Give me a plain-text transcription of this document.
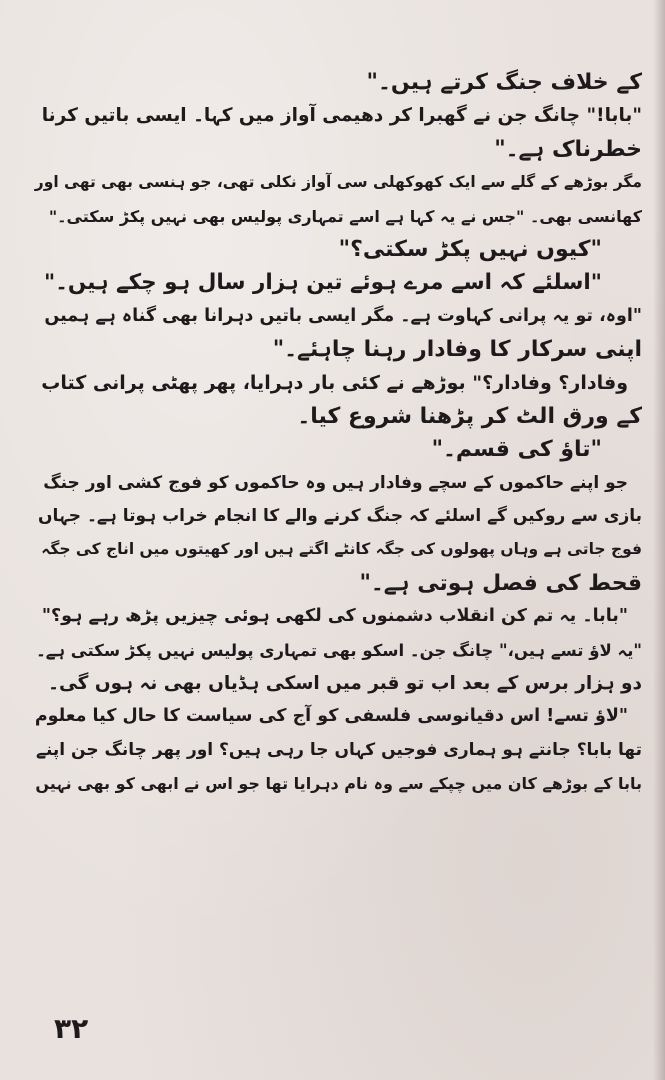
کے خلاف جنگ کرتے ہیں۔"
"بابا!" چانگ جن نے گھبرا کر دھیمی آواز میں کہا۔ ایسی باتیں کرنا
خطرناک ہے۔"
مگر بوڑھے کے گلے سے ایک کھوکھلی سی آواز نکلی تھی، جو ہنسی بھی تھی اور
کھانسی بھی۔ "جس نے یہ کہا ہے اسے تمہاری پولیس بھی نہیں پکڑ سکتی۔"
"کیوں نہیں پکڑ سکتی؟"
"اسلئے کہ اسے مرے ہوئے تین ہزار سال ہو چکے ہیں۔"
"اوہ، تو یہ پرانی کہاوت ہے۔ مگر ایسی باتیں دہرانا بھی گناہ ہے ہمیں
اپنی سرکار کا وفادار رہنا چاہئے۔"
وفادار؟ وفادار؟" بوڑھے نے کئی بار دہرایا، پھر پھٹی پرانی کتاب
کے ورق الٹ کر پڑھنا شروع کیا۔
"تاؤ کی قسم۔"
جو اپنے حاکموں کے سچے وفادار ہیں وہ حاکموں کو فوج کشی اور جنگ
بازی سے روکیں گے اسلئے کہ جنگ کرنے والے کا انجام خراب ہوتا ہے۔ جہاں
فوج جاتی ہے وہاں پھولوں کی جگہ کانٹے اگتے ہیں اور کھیتوں میں اناج کی جگہ
قحط کی فصل ہوتی ہے۔"
"بابا۔ یہ تم کن انقلاب دشمنوں کی لکھی ہوئی چیزیں پڑھ رہے ہو؟"
"یہ لاؤ تسے ہیں،" چانگ جن۔ اسکو بھی تمہاری پولیس نہیں پکڑ سکتی ہے۔
دو ہزار برس کے بعد اب تو قبر میں اسکی ہڈیاں بھی نہ ہوں گی۔
"لاؤ تسے! اس دقیانوسی فلسفی کو آج کی سیاست کا حال کیا معلوم
تھا بابا؟ جانتے ہو ہماری فوجیں کہاں جا رہی ہیں؟ اور پھر چانگ جن اپنے
بابا کے بوڑھے کان میں چپکے سے وہ نام دہرایا تھا جو اس نے ابھی کو بھی نہیں
۳۲
